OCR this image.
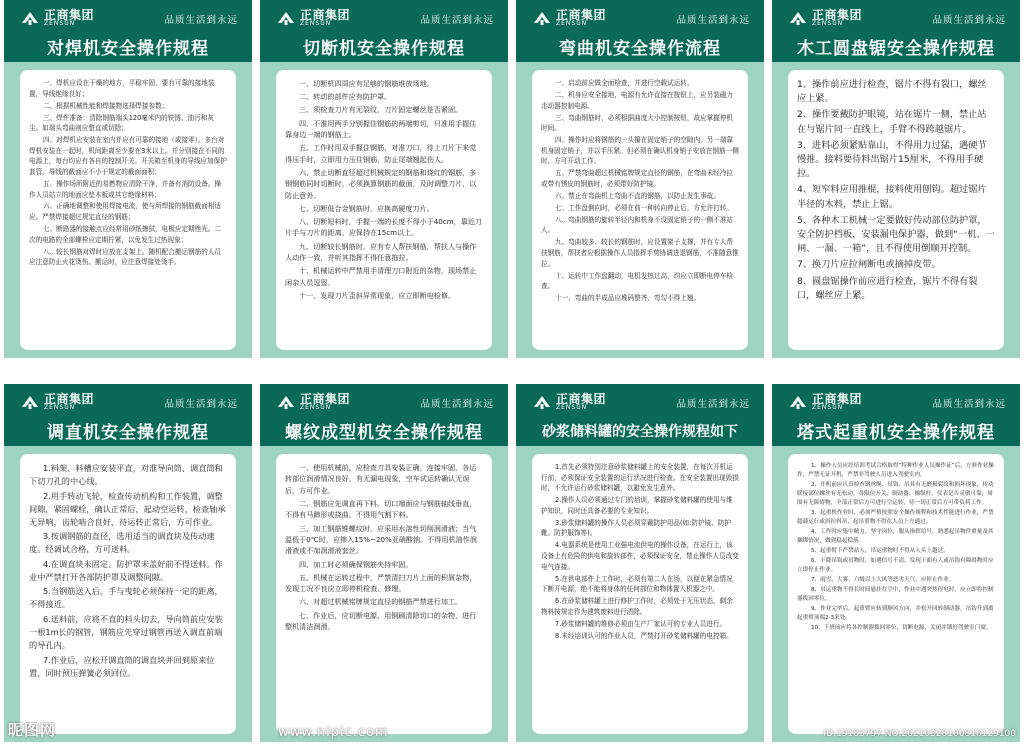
正商集团
ZENSUN	品质生活到永远
对焊机安全操作规程

一、焊机应设在干燥的地方，平稳牢固，要有可靠的接地装置，导线绝缘良好；

二、根据机械性能和焊接物选择焊接参数；

三、焊件准备：清除钢筋端头120毫米内的铁锈、油污和灰尘。如端头弯曲则应整直或切除；

四、对焊机应安装在室内并应有可靠的接地（或接零）。多台对焊机安装在一起时，机间距离至少要在3米以上。并分别接在不同的电源上，每台均应有各自的控制开关。开关箱至机身的导线应加保护套管。导线的截面应不小于规定的截面面积；

五、操作场所附近的易燃物应清除干净，并备有消防设备。操作人员站立的地面应垫木板或其它绝缘材料；

六、正确地调整和使用焊接电流，使与所焊接的钢筋截面相适应。严禁焊接超过规定直径的钢筋；

七、断路器的接触点应经常用砂纸擦拭，电极应定期锉光。二次的电路的全部螺栓应定期拧紧，以免发生过热现象；

八、较长钢筋对焊时应放在支架上。随机配合搬运钢筋的人员应注意防止火花烫伤。搬运时，应注意焊接处烫手。

正商集团
ZENSUN	品质生活到永远
切断机安全操作规程

一、切断机四周应有足够的钢筋堆放场地。

二、转动的部件应有防护罩。

三、须检查刀片有无裂纹，刀片固定螺丝是否紧固。

四、不准用两手分别握住钢筋的两端剪切，只准用手握住靠身边一端的钢筋上。

五、工作时用双手握住钢筋，对准刀口，待上刀片下来觉得压手时，立即用力压住钢筋，防止尾端翘起伤人。

六、禁止切断直径超过机械规定的钢筋和烧红的钢筋，多钢钢筋同时切断时，必须换算钢筋的截面，及时调整刀片，以防止意外。

七、切断低合金钢筋时，应换高硬度刀片。

八、切断短料时，手握一端的长度不得小于40cm，靠近刀片手与刀片的距离，应保持在15cm以上。

九、切断较长钢筋时，应有专人帮扶钢筋，帮扶人与操作人动作一致，并听其指挥不得任意拖拉。

十、机械运转中严禁用手清理刀口附近的杂物，现场禁止闲杂人员逗留。

十一、发现刀片歪斜异常现象，应立即断电检修。

正商集团
ZENSUN	品质生活到永远
弯曲机安全操作流程

一、启动前应做全面检查，并进行空载试运转。

二、机身应安全接地，电源有允许直接在按钮上，应另装磁力走动器控制电源。

三、弯曲钢筋时，必须根据曲度大小控制按钮，故应掌握停机时间。

四、操作时应将钢筋的一头攥在固定销子的空隙内，另一端靠机身固定销子，并以手压紧。但必须在确认机身销子安放在钢筋一侧时，方可开动工作。

五、严禁弯曲超过机械铭牌规定直径的钢筋，在弯曲未经冷拉或带有锈皮的钢筋时，必须带好防护镜。

六、禁止在弯曲机上弯曲不直的钢筋，以防止发生事故。

七、工作盘倒向时，必须在前一种转向停止后，方允许打转。

八、弯曲钢筋的旋转半径内和机身不设固定销子的一侧不准站人。

九、弯曲较多、较长的钢筋时，应设置架子支撑，并有专人帮扶钢筋，帮扶者应根据操作人员指挥手势协调进退钢筋，不准随意推拉。

十、运转中工作盘翻动，电机发热过高，均应立即断电停车检查。

十一、弯曲的半成品应堆码整齐，弯勾不得上翘。

正商集团
ZENSUN	品质生活到永远
木工圆盘锯安全操作规程

1、操作前应进行检查，锯片不得有裂口，螺丝应上紧。

2、操作要戴防护眼镜，站在锯片一侧，禁止站在与锯片同一直线上，手臂不得跨越锯片。

3、进料必须紧贴靠山，不得用力过猛，遇硬节慢推。接料要待料出锯片15厘米，不得用手硬拉。

4、短窄料应用推棍，接料使用刨钩。超过锯片半径的木料，禁止上锯。

5、各种木工机械一定要做好传动部位防护罩，安全防护档板，安装漏电保护器，做到“一机、一闸、一漏、一箱”，且不得使用倒顺开控制。

7、换刀片应拉闸断电或摘掉皮带。

8、圆盘锯操作前应进行检查，锯片不得有裂口，螺丝应上紧。

正商集团
ZENSUN	品质生活到永远
调直机安全操作规程

1.料架、料槽应安装平直，对准导向筒、调直筒和下切刀孔的中心线。

2.用手转动飞轮，检查传动机构和工作装置，调整间隙，紧固螺栓，确认正常后，起动空运转，检查轴承无异响，齿轮啮合良好，待运转正常后，方可作业。

3.按调钢筋的直径，选用适当的调直块及传动速度。经调试合格，方可送料。

4.在调直块未固定、防护罩未盖好前不得送料。作业中严禁打开各部防护罩及调整间隙。

5.当钢筋送入后，手与曳轮必须保持一定的距离，不得接近。

6.送料前，应将不直的料头切去，导向筒前应安装一根1m长的钢管，钢筋应先穿过钢管再送入调直前端的导孔内。

7.作业后，应松开调直筒的调直块并回到原来位置，同时预压弹簧必须回位。

昵图网
正商集团
ZENSUN	品质生活到永远
螺纹成型机安全操作规程

一、使用机械前，应检查刀具安装正确，连接牢固，各运转部位润滑情况良好，有无漏电现象，空车试运转确认无误后，方可作业。

二、钢筋应先调直再下料。切口端面应与钢筋轴线垂直，不得有马蹄形或挠曲，不得用气割下料。

三、加工钢筋锥螺纹时，应采用水溶性切削润滑液；当气温低于0℃时，应掺入15%~20%亚硝酸钠。不得用机油作润滑液或不加润滑液套丝。

四、加工时必须确保钢筋夹持牢固。

五、机械在运转过程中，严禁清扫刀片上面的积屑杂物，发现工况不良应立即停机检查、修理。

六、对超过机械铭牌规定直径的钢筋严禁进行加工。

七、作业后，应切断电源，用钢刷清除切口的杂物，进行整机清洁润滑。

www.nipic.com
正商集团
ZENSUN	品质生活到永远
砂浆储料罐的安全操作规程如下

1.首先必须特别注意砂浆储料罐上的安全装置，在每次开机运行前，必须保证安全装置的运行状况进行检查。在安全装置出现毁损时，不允许运行砂浆储料罐，以避免发生意外。

2.操作人员必须通过专门的培训，掌握砂浆储料罐的使用与维护知识，同时还具备必要的专业知识。

3.砂浆储料罐的操作人员必须穿戴防护用品(如:防护镜、防护靴、防护服饰等)。

4.电器系统是使用工业强电流供电的操作设备，在运行上，该设备上有危险的供电和旋转部件，必须保证安全，禁止操作人员改变电气连接。

5.在供电部件上工作时，必须有第二人在场，以便在紧急情况下断开电源，绝不能将身体的任何部位和物体置入机器之中。

6.在砂浆储料罐上进行修护工作时，必须处于无压状态，剩余物料按规定作为建筑废料进行清除。

7.砂浆储料罐的维修必须由生产厂家认可的专业人员进行。

8.未经培训认可的作业人员，严禁打开砂浆储料罐的电控箱。

正商集团
ZENSUN	品质生活到永远
塔式起重机安全操作规程

1、操作人员应经培训考试合格取得“特种作业人员操作证”后，方准作业操作，严禁无证开机，严禁非驾驶人员进入驾驶室内。

2、开机前应认真检查钢丝绳、吊钩、吊具有无磨损裂纹和损坏现象，传动联接部位螺丝有无松动，各限位开关、制动器、操纵杆、仪表是否灵敏可靠，周围有无障碍物，全部正常后方可进行空运转，待一切正常后方可带负荷工作。

3、起重机作业时，必须严格按照安全操作规程和技术性能进行作业，严禁超载运行或斜拉斜吊，起吊重物不得在人员上方通过。

4、工作时应集中精力，坚守岗位，服从指挥信号，熟悉起吊物件重量及其捆绑情况，做到稳起稳落。

5、起重臂下严禁站人，吊运重物时不得从人头上越过。

6、下降吊钩或吊物时，如遇信号不清、发现下面有人或吊钩有障碍物时应立即停止作业。

7、雨雪、大雾、六级以上大风等恶劣天气，应停止作业。

8、吊运重物不得长时间悬挂在空中，作业中遇突然停电时，应立即将控制器拨回零位。

9、作业完毕后，起重臂应转到顺风方向，并松开回转制动器，吊钩升到离起重臂顶端2-3米处。

10、下班前应将各控制器拨回零位，切断电源，关闭并锁好驾驶室门窗。

ID:19183797 NO:20210328100816129100
